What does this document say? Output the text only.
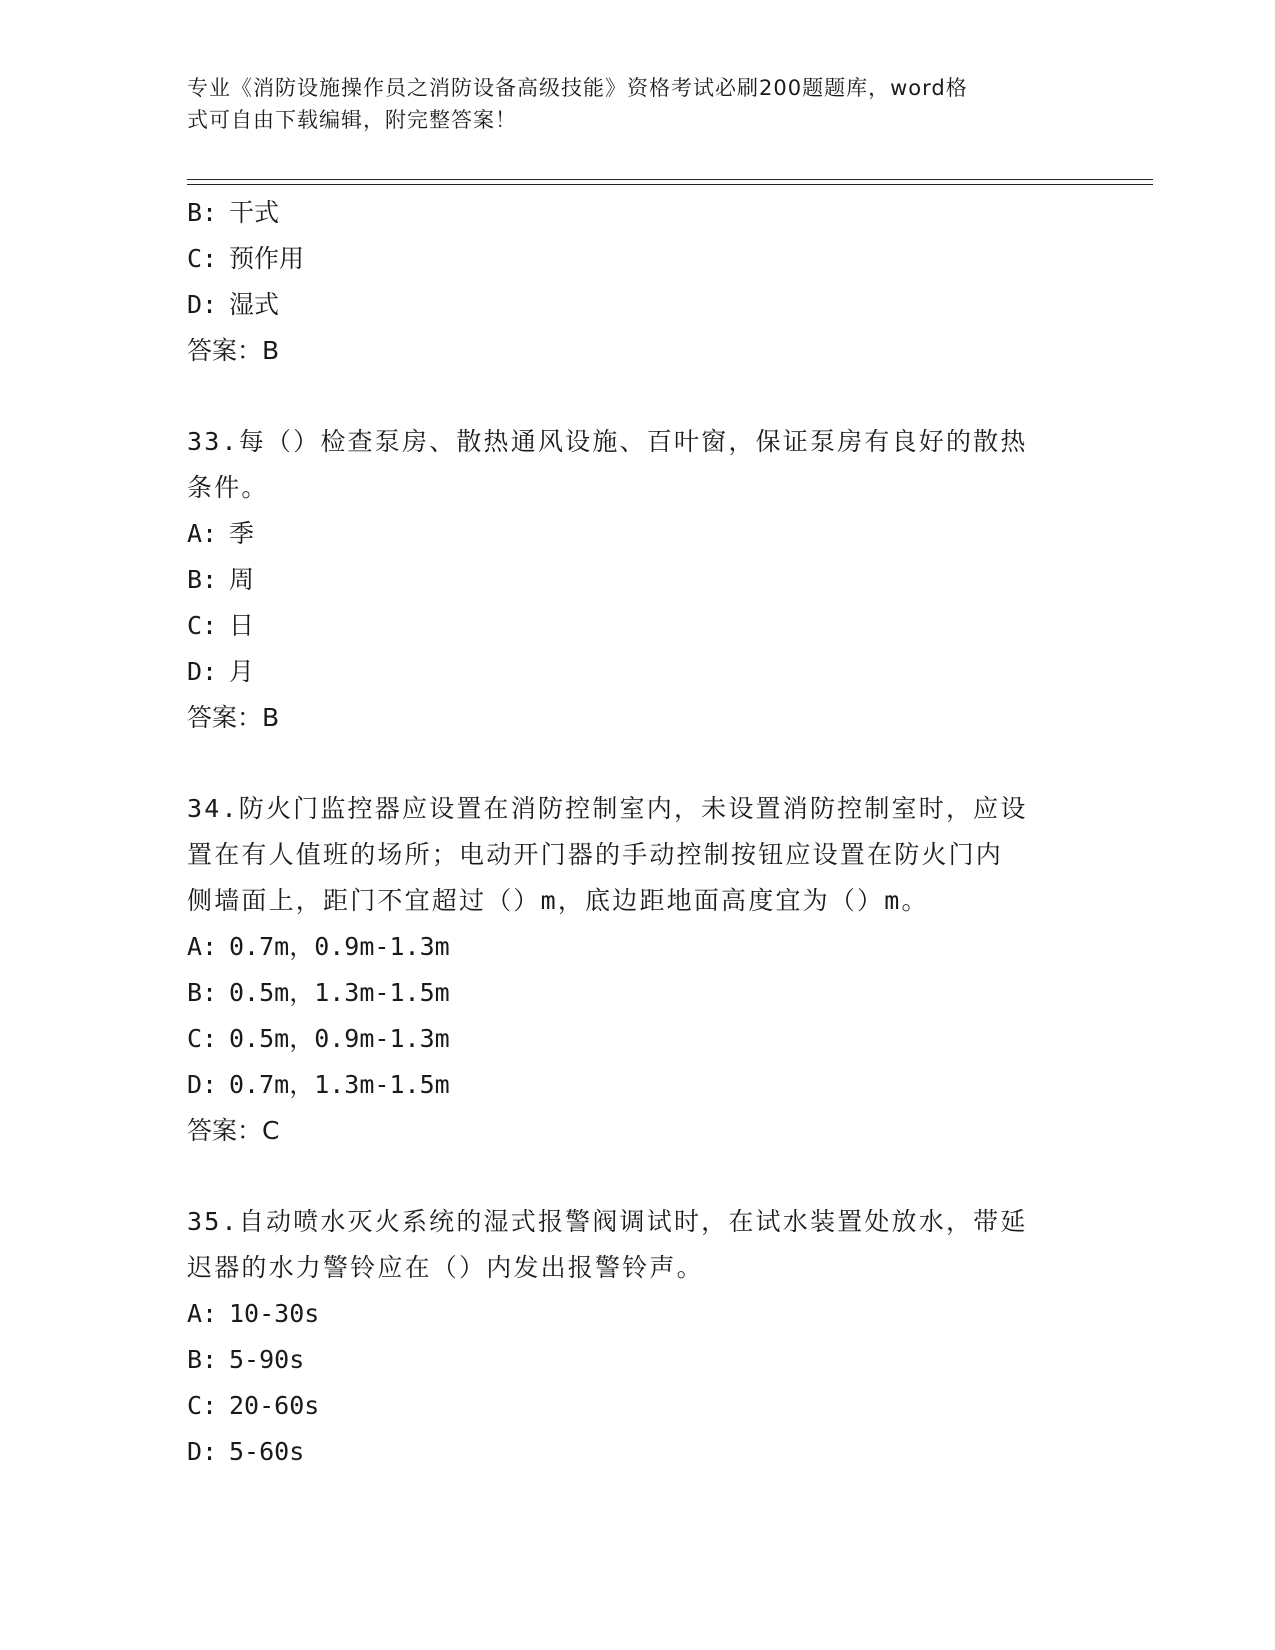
专业《消防设施操作员之消防设备高级技能》资格考试必刷200题题库，word格
式可自由下载编辑，附完整答案！
B: 干式
C: 预作用
D: 湿式
答案：B
33.每（）检查泵房、散热通风设施、百叶窗，保证泵房有良好的散热
条件。
A: 季
B: 周
C: 日
D: 月
答案：B
34.防火门监控器应设置在消防控制室内，未设置消防控制室时，应设
置在有人值班的场所；电动开门器的手动控制按钮应设置在防火门内
侧墙面上，距门不宜超过（）m，底边距地面高度宜为（）m。
A: 0.7m，0.9m-1.3m
B: 0.5m，1.3m-1.5m
C: 0.5m，0.9m-1.3m
D: 0.7m，1.3m-1.5m
答案：C
35.自动喷水灭火系统的湿式报警阀调试时，在试水装置处放水，带延
迟器的水力警铃应在（）内发出报警铃声。
A: 10-30s
B: 5-90s
C: 20-60s
D: 5-60s
